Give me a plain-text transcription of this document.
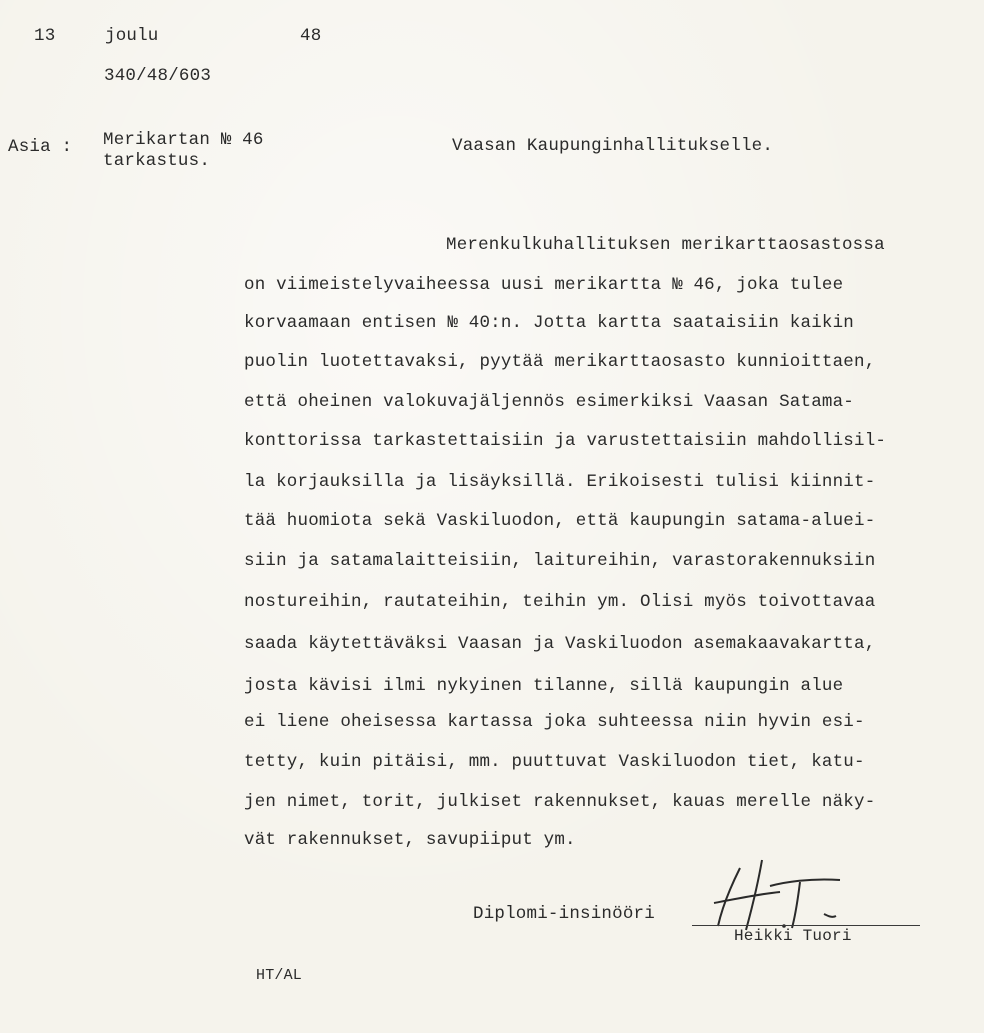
13	joulu	48
340/48/603
Asia : Merikartan № 46
tarkastus.
Vaasan Kaupunginhallitukselle.
Merenkulkuhallituksen merikarttaosastossa
on viimeistelyvaiheessa uusi merikartta № 46, joka tulee
korvaamaan entisen № 40:n. Jotta kartta saataisiin kaikin
puolin luotettavaksi, pyytää merikarttaosasto kunnioittaen,
että oheinen valokuvajäljennös esimerkiksi Vaasan Satama-
konttorissa tarkastettaisiin ja varustettaisiin mahdollisil-
la korjauksilla ja lisäyksillä. Erikoisesti tulisi kiinnit-
tää huomiota sekä Vaskiluodon, että kaupungin satama-aluei-
siin ja satamalaitteisiin, laitureihin, varastorakennuksiin
nostureihin, rautateihin, teihin ym. Olisi myös toivottavaa
saada käytettäväksi Vaasan ja Vaskiluodon asemakaavakartta,
josta kävisi ilmi nykyinen tilanne, sillä kaupungin alue
ei liene oheisessa kartassa joka suhteessa niin hyvin esi-
tetty, kuin pitäisi, mm. puuttuvat Vaskiluodon tiet, katu-
jen nimet, torit, julkiset rakennukset, kauas merelle näky-
vät rakennukset, savupiiput ym.
Diplomi-insinööri
Heikki Tuori
HT/AL
